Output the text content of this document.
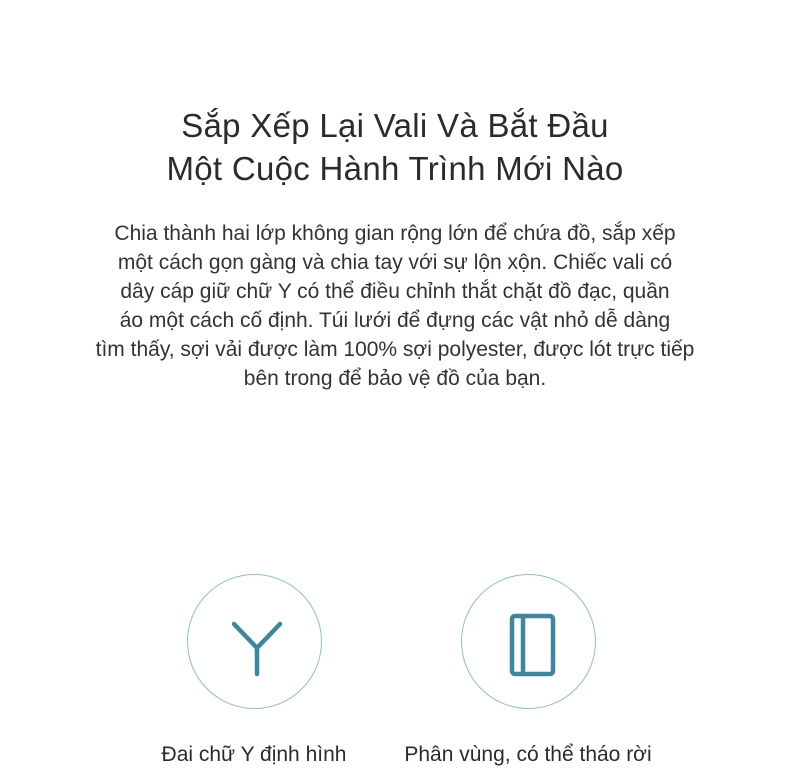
Sắp Xếp Lại Vali Và Bắt Đầu
Một Cuộc Hành Trình Mới Nào

Chia thành hai lớp không gian rộng lớn để chứa đồ, sắp xếp
một cách gọn gàng và chia tay với sự lộn xộn. Chiếc vali có
dây cáp giữ chữ Y có thể điều chỉnh thắt chặt đồ đạc, quần
áo một cách cố định. Túi lưới để đựng các vật nhỏ dễ dàng
tìm thấy, sợi vải được làm 100% sợi polyester, được lót trực tiếp
bên trong để bảo vệ đồ của bạn.

Đai chữ Y định hình	Phân vùng, có thể tháo rời
